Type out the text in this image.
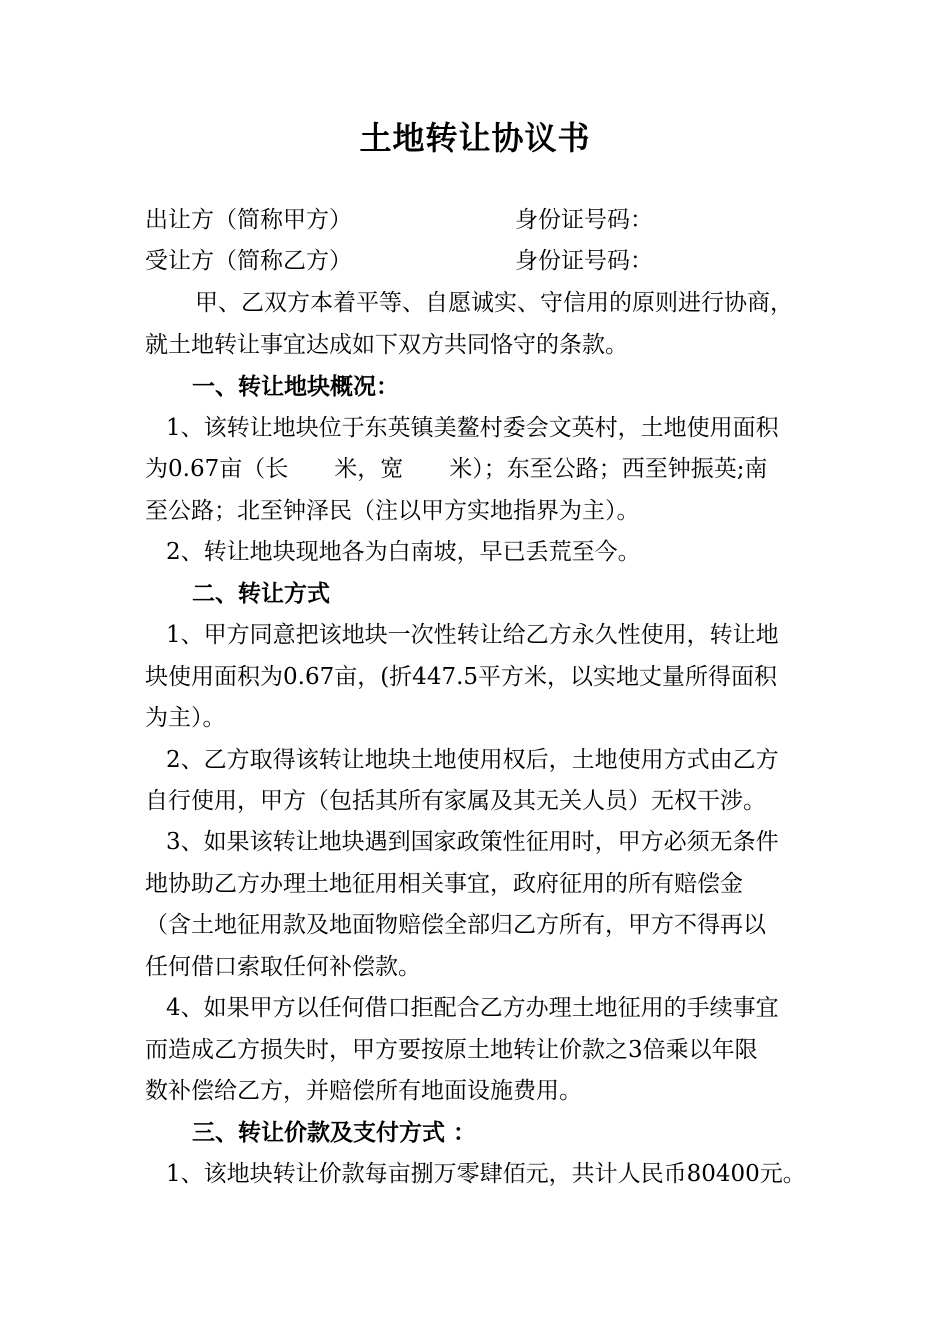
土地转让协议书

出让方（简称甲方）	身份证号码：

受让方（简称乙方）	身份证号码：

甲、乙双方本着平等、自愿诚实、守信用的原则进行协商，

就土地转让事宜达成如下双方共同恪守的条款。

一、转让地块概况：

1、该转让地块位于东英镇美鳌村委会文英村，土地使用面积

为0.67亩（长　　米，宽　　米）；东至公路；西至钟振英;南

至公路；北至钟泽民（注以甲方实地指界为主）。

2、转让地块现地各为白南坡，早已丢荒至今。

二、转让方式

1、甲方同意把该地块一次性转让给乙方永久性使用，转让地

块使用面积为0.67亩，(折447.5平方米，以实地丈量所得面积

为主）。

2、乙方取得该转让地块土地使用权后，土地使用方式由乙方

自行使用，甲方（包括其所有家属及其无关人员）无权干涉。

3、如果该转让地块遇到国家政策性征用时，甲方必须无条件

地协助乙方办理土地征用相关事宜，政府征用的所有赔偿金

（含土地征用款及地面物赔偿全部归乙方所有，甲方不得再以

任何借口索取任何补偿款。

4、如果甲方以任何借口拒配合乙方办理土地征用的手续事宜

而造成乙方损失时，甲方要按原土地转让价款之3倍乘以年限

数补偿给乙方，并赔偿所有地面设施费用。

三、转让价款及支付方式 ：

1、该地块转让价款每亩捌万零肆佰元，共计人民币80400元。
